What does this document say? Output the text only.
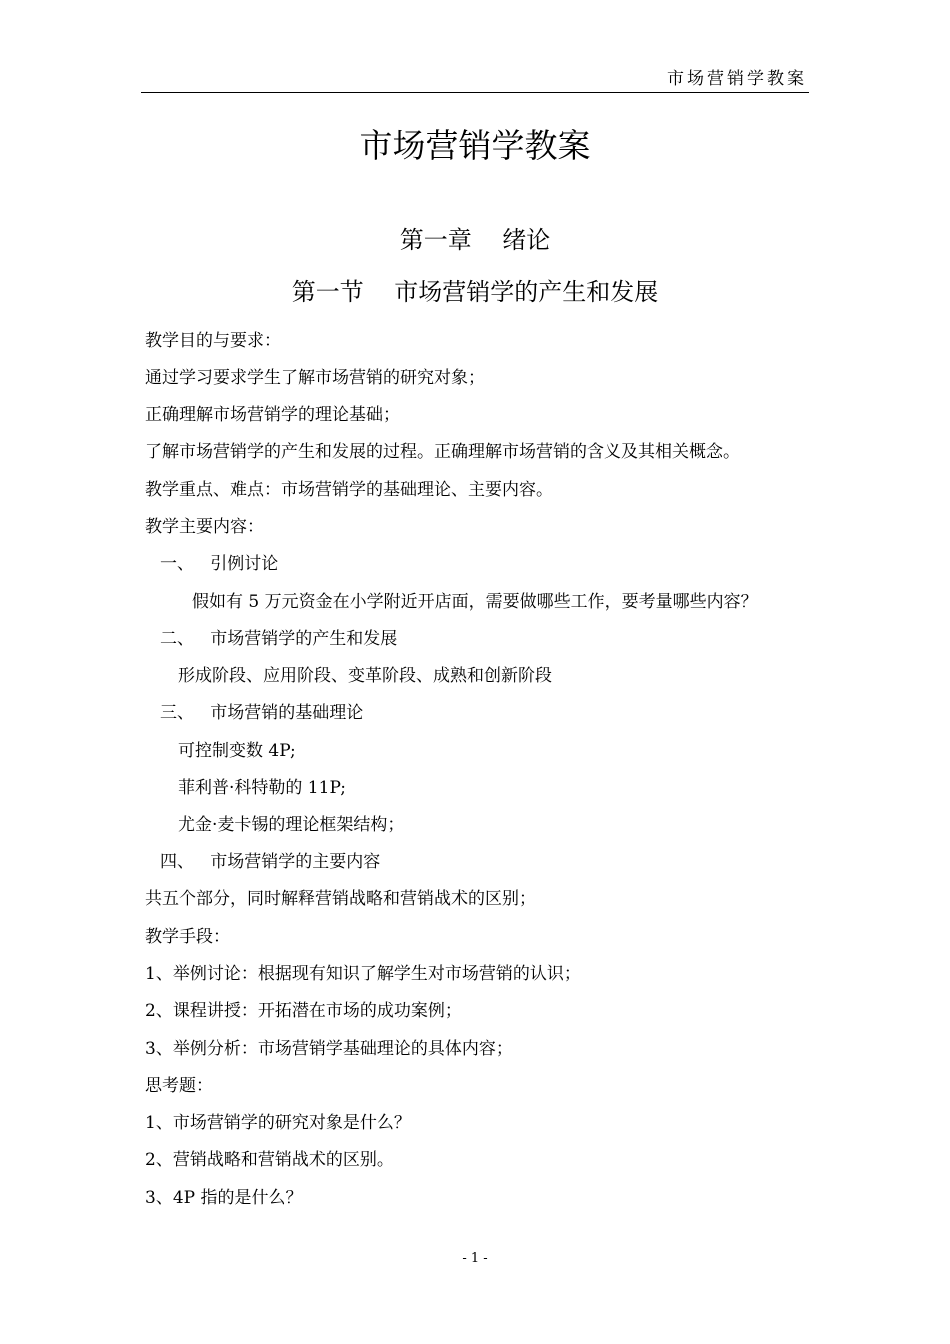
市场营销学教案
市场营销学教案
第一章    绪论
第一节    市场营销学的产生和发展
教学目的与要求：
通过学习要求学生了解市场营销的研究对象；
正确理解市场营销学的理论基础；
了解市场营销学的产生和发展的过程。正确理解市场营销的含义及其相关概念。
教学重点、难点：市场营销学的基础理论、主要内容。
教学主要内容：
一、   引例讨论
假如有 5 万元资金在小学附近开店面，需要做哪些工作，要考量哪些内容？
二、   市场营销学的产生和发展
形成阶段、应用阶段、变革阶段、成熟和创新阶段
三、   市场营销的基础理论
可控制变数 4P;
菲利普·科特勒的 11P;
尤金·麦卡锡的理论框架结构；
四、   市场营销学的主要内容
共五个部分，同时解释营销战略和营销战术的区别；
教学手段：
1、举例讨论：根据现有知识了解学生对市场营销的认识；
2、课程讲授：开拓潜在市场的成功案例；
3、举例分析：市场营销学基础理论的具体内容；
思考题：
1、市场营销学的研究对象是什么？
2、营销战略和营销战术的区别。
3、4P 指的是什么？
- 1 -
